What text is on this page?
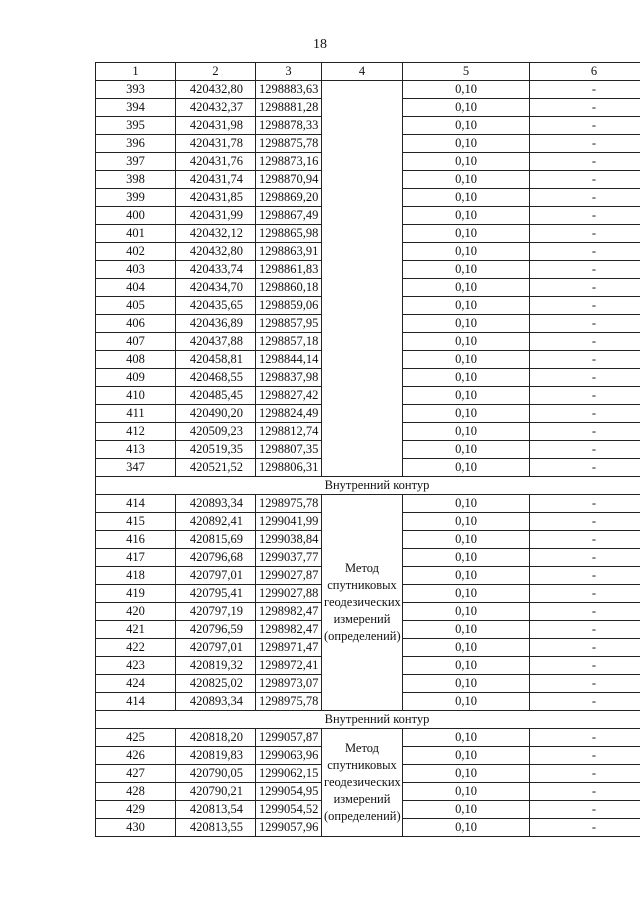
18
1	2	3	4	5	6
393	420432,80	1298883,63		0,10	-
394	420432,37	1298881,28		0,10	-
395	420431,98	1298878,33		0,10	-
396	420431,78	1298875,78		0,10	-
397	420431,76	1298873,16		0,10	-
398	420431,74	1298870,94		0,10	-
399	420431,85	1298869,20		0,10	-
400	420431,99	1298867,49		0,10	-
401	420432,12	1298865,98		0,10	-
402	420432,80	1298863,91		0,10	-
403	420433,74	1298861,83		0,10	-
404	420434,70	1298860,18		0,10	-
405	420435,65	1298859,06		0,10	-
406	420436,89	1298857,95		0,10	-
407	420437,88	1298857,18		0,10	-
408	420458,81	1298844,14		0,10	-
409	420468,55	1298837,98		0,10	-
410	420485,45	1298827,42		0,10	-
411	420490,20	1298824,49		0,10	-
412	420509,23	1298812,74		0,10	-
413	420519,35	1298807,35		0,10	-
347	420521,52	1298806,31		0,10	-
Внутренний контур					
414	420893,34	1298975,78	Метод спутниковых геодезических измерений (определений)	0,10	-
415	420892,41	1299041,99		0,10	-
416	420815,69	1299038,84		0,10	-
417	420796,68	1299037,77		0,10	-
418	420797,01	1299027,87		0,10	-
419	420795,41	1299027,88		0,10	-
420	420797,19	1298982,47		0,10	-
421	420796,59	1298982,47		0,10	-
422	420797,01	1298971,47		0,10	-
423	420819,32	1298972,41		0,10	-
424	420825,02	1298973,07		0,10	-
414	420893,34	1298975,78		0,10	-
Внутренний контур					
425	420818,20	1299057,87	Метод спутниковых геодезических измерений (определений)	0,10	-
426	420819,83	1299063,96		0,10	-
427	420790,05	1299062,15		0,10	-
428	420790,21	1299054,95		0,10	-
429	420813,54	1299054,52		0,10	-
430	420813,55	1299057,96		0,10	-
